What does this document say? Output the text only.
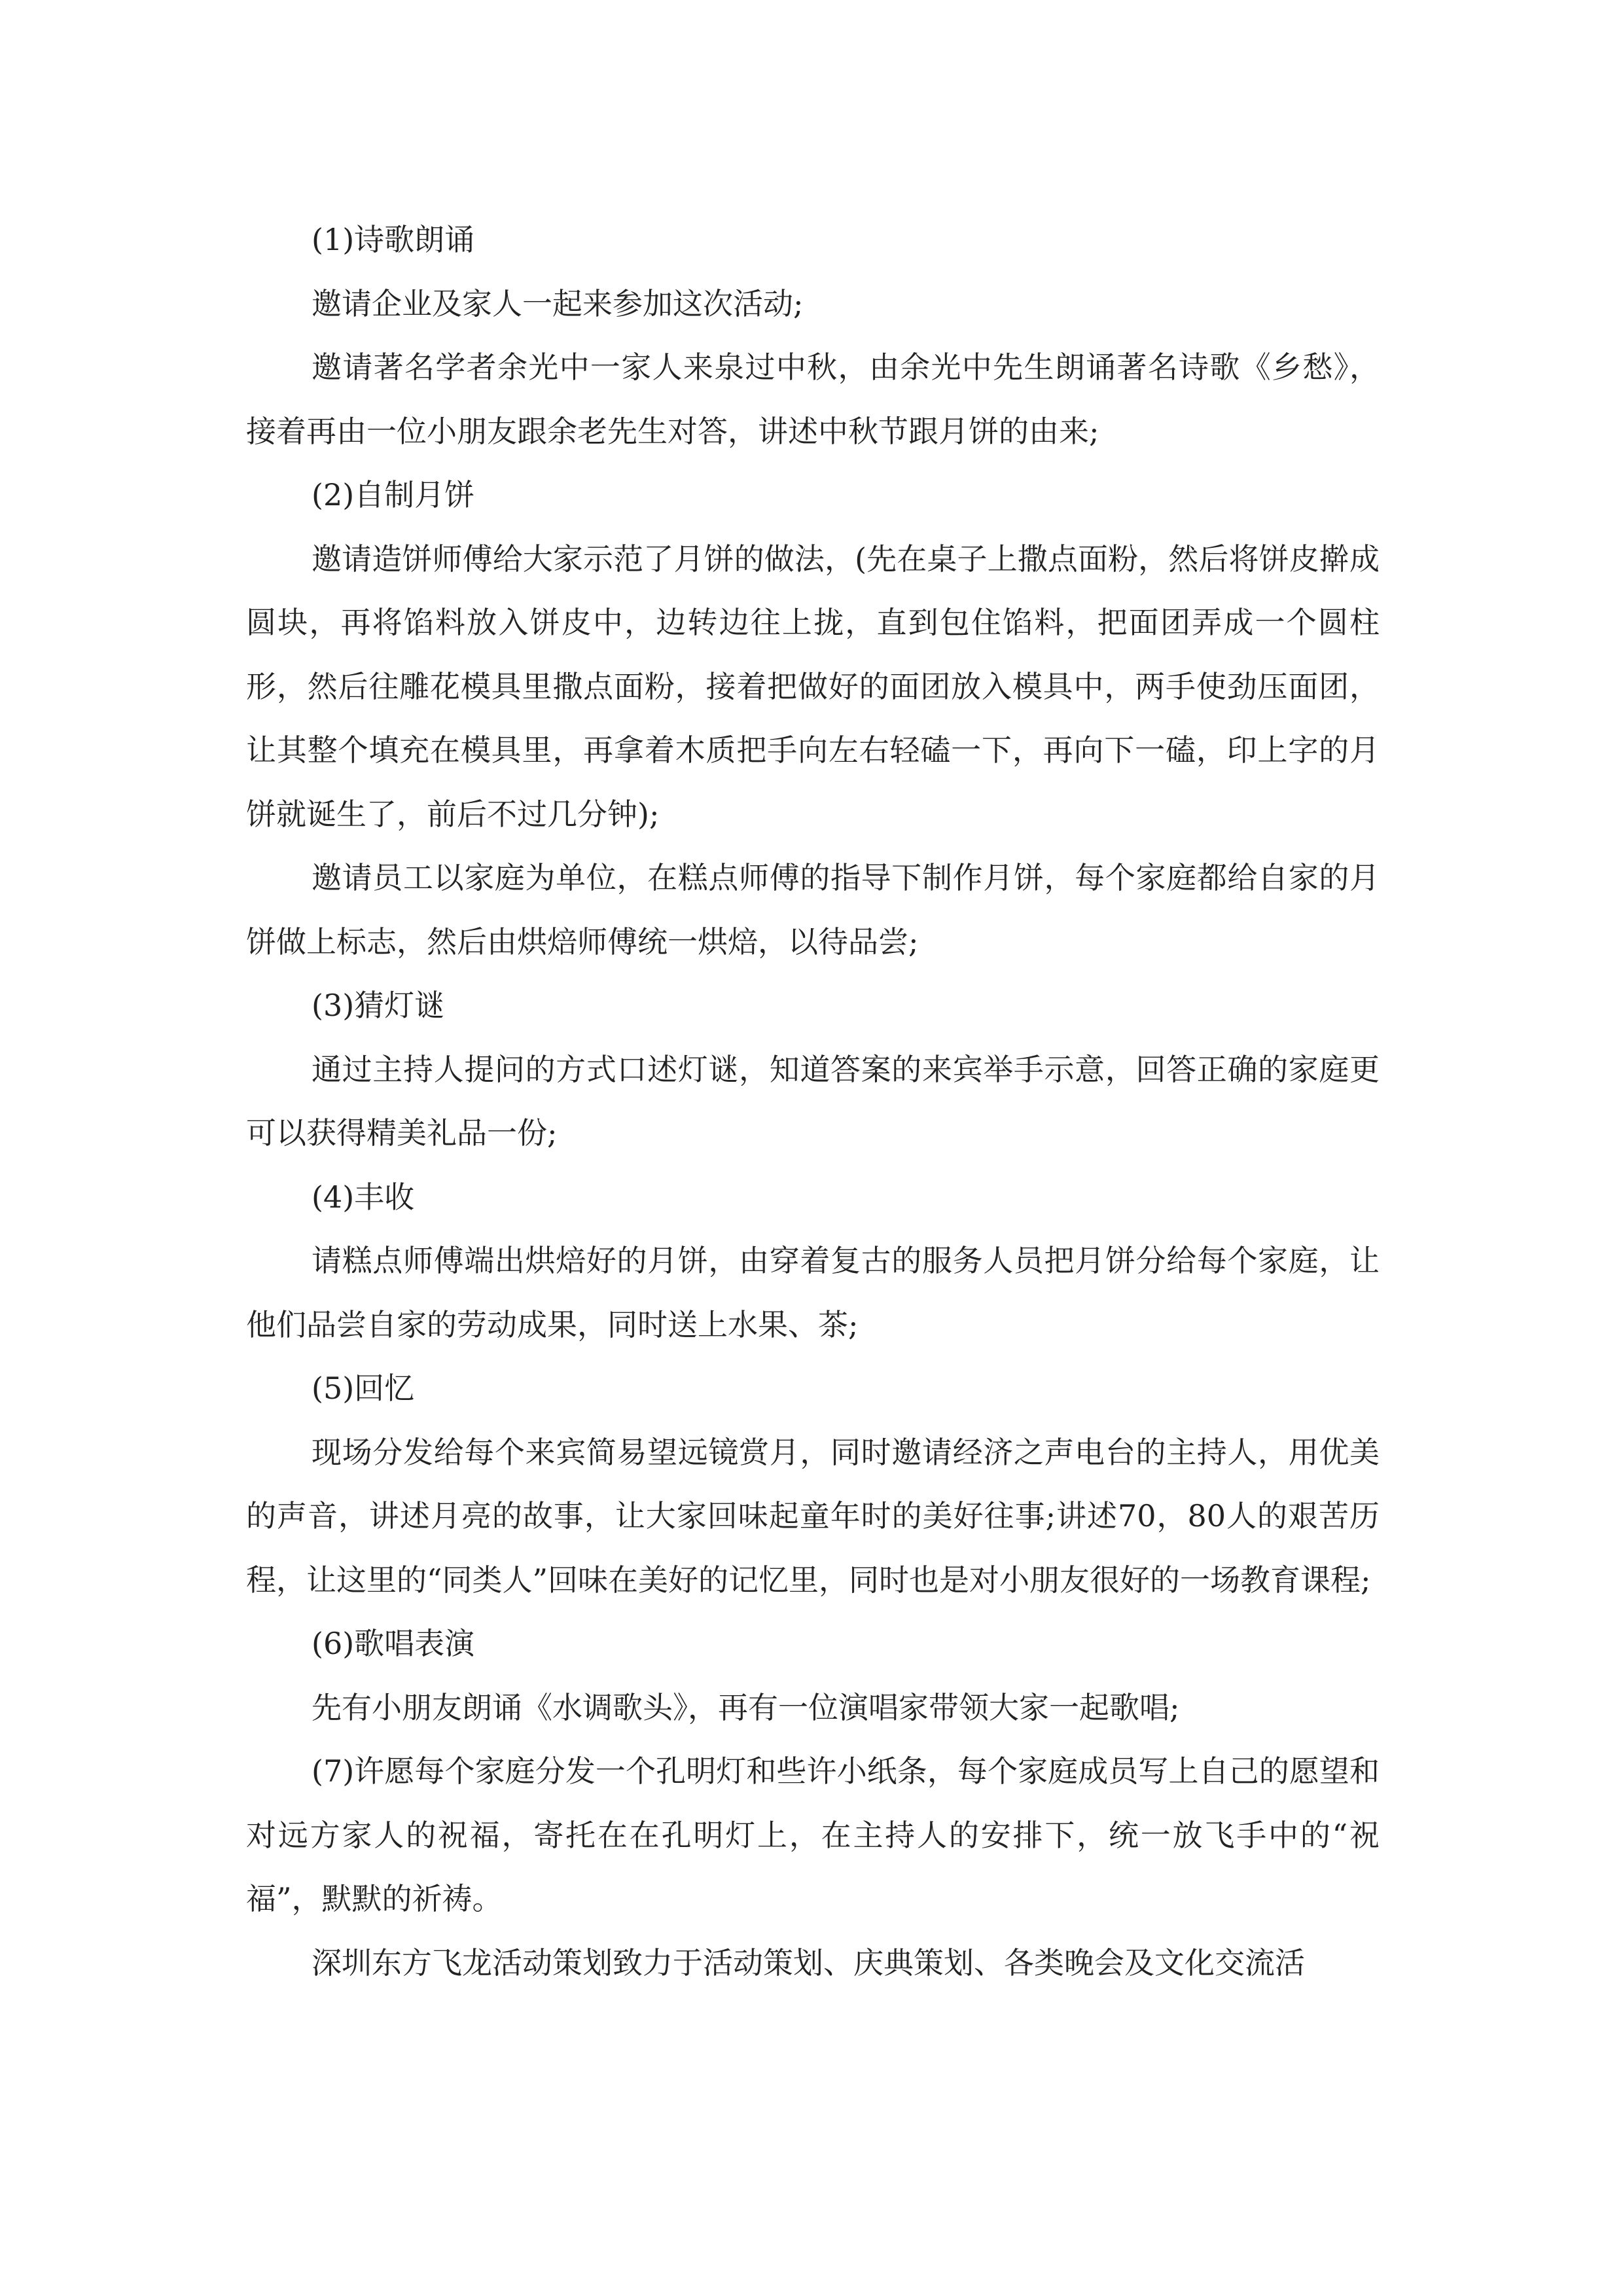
(1)诗歌朗诵

邀请企业及家人一起来参加这次活动;

邀请著名学者余光中一家人来泉过中秋，由余光中先生朗诵著名诗歌《乡愁》，接着再由一位小朋友跟余老先生对答，讲述中秋节跟月饼的由来;

(2)自制月饼

邀请造饼师傅给大家示范了月饼的做法，(先在桌子上撒点面粉，然后将饼皮擀成圆块，再将馅料放入饼皮中，边转边往上拢，直到包住馅料，把面团弄成一个圆柱形，然后往雕花模具里撒点面粉，接着把做好的面团放入模具中，两手使劲压面团，让其整个填充在模具里，再拿着木质把手向左右轻磕一下，再向下一磕，印上字的月饼就诞生了，前后不过几分钟);

邀请员工以家庭为单位，在糕点师傅的指导下制作月饼，每个家庭都给自家的月饼做上标志，然后由烘焙师傅统一烘焙，以待品尝;

(3)猜灯谜

通过主持人提问的方式口述灯谜，知道答案的来宾举手示意，回答正确的家庭更可以获得精美礼品一份;

(4)丰收

请糕点师傅端出烘焙好的月饼，由穿着复古的服务人员把月饼分给每个家庭，让他们品尝自家的劳动成果，同时送上水果、茶;

(5)回忆

现场分发给每个来宾简易望远镜赏月，同时邀请经济之声电台的主持人，用优美的声音，讲述月亮的故事，让大家回味起童年时的美好往事;讲述70，80人的艰苦历程，让这里的“同类人”回味在美好的记忆里，同时也是对小朋友很好的一场教育课程;

(6)歌唱表演

先有小朋友朗诵《水调歌头》，再有一位演唱家带领大家一起歌唱;

(7)许愿每个家庭分发一个孔明灯和些许小纸条，每个家庭成员写上自己的愿望和对远方家人的祝福，寄托在在孔明灯上，在主持人的安排下，统一放飞手中的“祝福”，默默的祈祷。

深圳东方飞龙活动策划致力于活动策划、庆典策划、各类晚会及文化交流活
